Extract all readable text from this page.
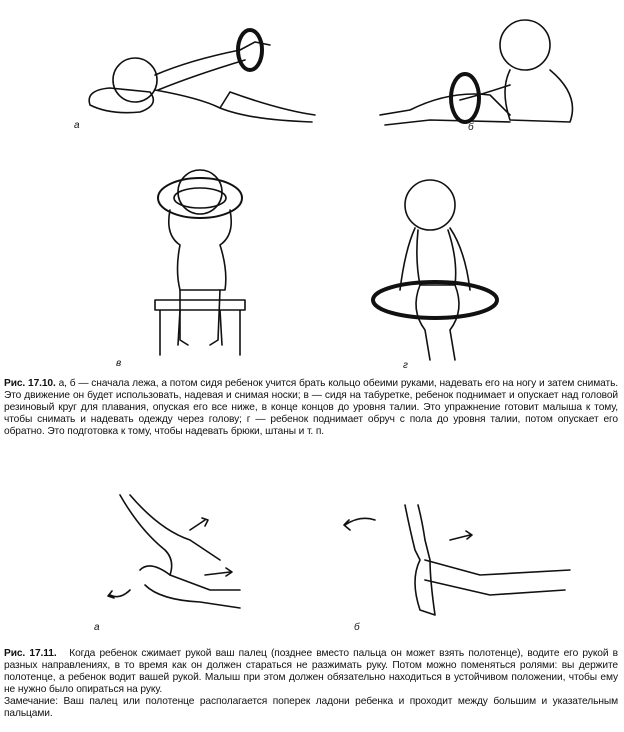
а	б
в	г
Рис. 17.10. а, б — сначала лежа, а потом сидя ребенок учится брать кольцо обеими руками, надевать его на ногу и затем снимать. Это движение он будет использовать, надевая и снимая носки; в — сидя на табуретке, ребенок поднимает и опускает над головой резиновый круг для плавания, опуская его все ниже, в конце концов до уровня талии. Это упражнение готовит малыша к тому, чтобы снимать и надевать одежду через голову; г — ребенок поднимает обруч с пола до уровня талии, потом опускает его обратно. Это подготовка к тому, чтобы надевать брюки, штаны и т. п.
а	б
Рис. 17.11. Когда ребенок сжимает рукой ваш палец (позднее вместо пальца он может взять полотенце), водите его рукой в разных направлениях, в то время как он должен стараться не разжимать руку. Потом можно поменяться ролями: вы держите полотенце, а ребенок водит вашей рукой. Малыш при этом должен обязательно находиться в устойчивом положении, чтобы ему не нужно было опираться на руку.
Замечание: Ваш палец или полотенце располагается поперек ладони ребенка и проходит между большим и указательным пальцами.
